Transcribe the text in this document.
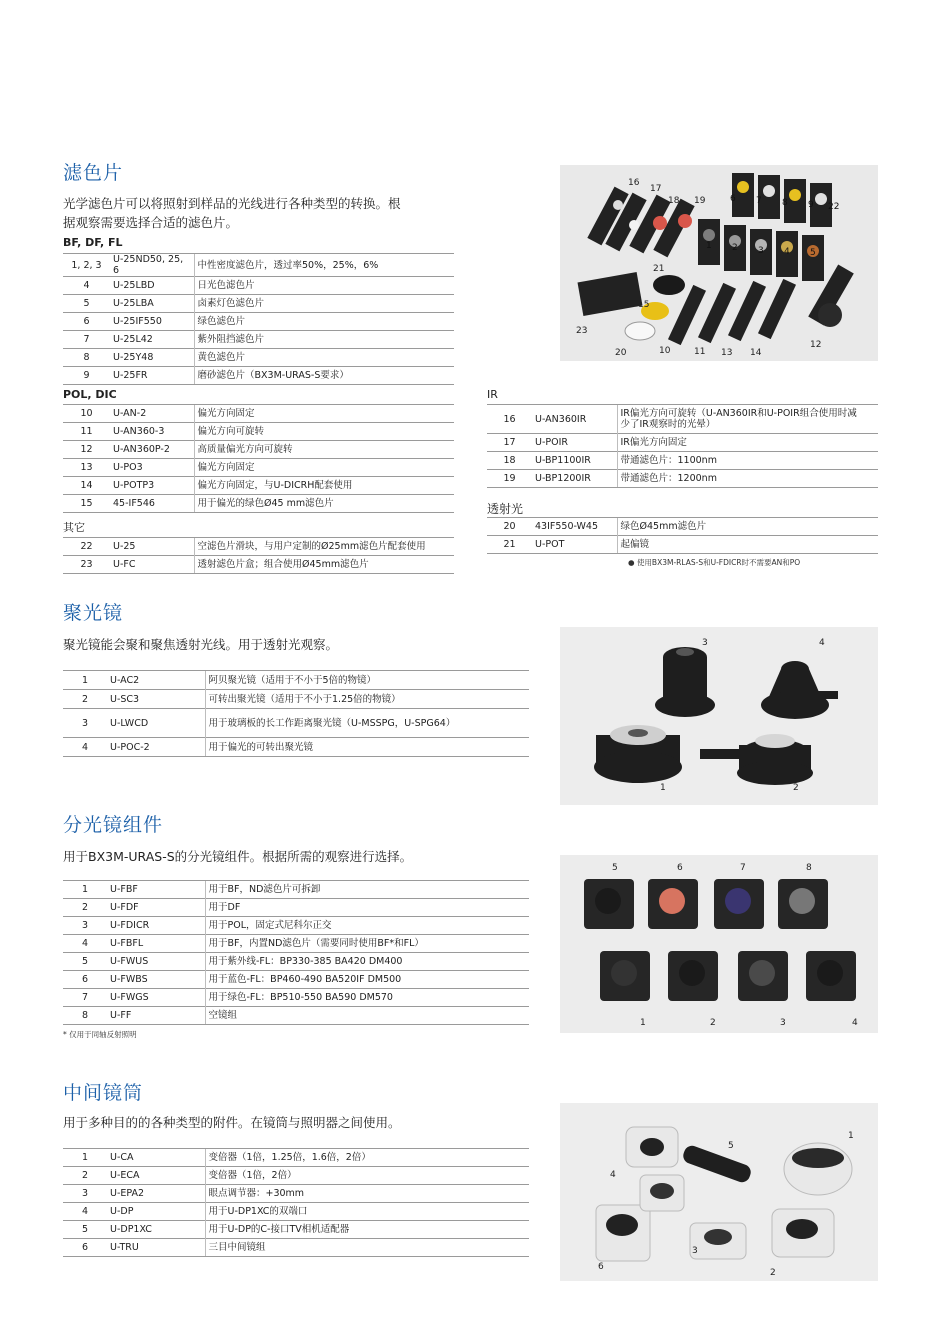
滤色片
光学滤色片可以将照射到样品的光线进行各种类型的转换。根
据观察需要选择合适的滤色片。
BF, DF, FL
1, 2, 3	U-25ND50, 25, 6	中性密度滤色片，透过率50%，25%，6%
4	U-25LBD	日光色滤色片
5	U-25LBA	卤素灯色滤色片
6	U-25IF550	绿色滤色片
7	U-25L42	紫外阻挡滤色片
8	U-25Y48	黄色滤色片
9	U-25FR	磨砂滤色片（BX3M-URAS-S要求）
POL, DIC
10	U-AN-2	偏光方向固定
11	U-AN360-3	偏光方向可旋转
12	U-AN360P-2	高质量偏光方向可旋转
13	U-PO3	偏光方向固定
14	U-POTP3	偏光方向固定，与U-DICRH配套使用
15	45-IF546	用于偏光的绿色Ø45 mm滤色片
其它
22	U-25	空滤色片滑块，与用户定制的Ø25mm滤色片配套使用
23	U-FC	透射滤色片盒；组合使用Ø45mm滤色片
IR
16	U-AN360IR	IR偏光方向可旋转（U-AN360IR和U-POIR组合使用时减
少了IR观察时的光晕）

17	U-POIR	IR偏光方向固定
18	U-BP1100IR	带通滤色片：1100nm
19	U-BP1200IR	带通滤色片：1200nm
透射光
20	43IF550-W45	绿色Ø45mm滤色片
21	U-POT	起偏镜
● 使用BX3M-RLAS-S和U-FDICR时不需要AN和PO
16
17
18 19	6 7 8 9 22
1 2 3 4 5
21
15
23
20	10	11 13 14
12
聚光镜
聚光镜能会聚和聚焦透射光线。用于透射光观察。
1	U-AC2	阿贝聚光镜（适用于不小于5倍的物镜）
2	U-SC3	可转出聚光镜（适用于不小于1.25倍的物镜）
3	U-LWCD	用于玻璃板的长工作距离聚光镜（U-MSSPG，U-SPG64）
4	U-POC-2	用于偏光的可转出聚光镜
3	4
1	2
分光镜组件
用于BX3M-URAS-S的分光镜组件。根据所需的观察进行选择。
1	U-FBF	用于BF，ND滤色片可拆卸
2	U-FDF	用于DF
3	U-FDICR	用于POL，固定式尼科尔正交
4	U-FBFL	用于BF，内置ND滤色片（需要同时使用BF*和FL）
5	U-FWUS	用于紫外线-FL：BP330-385 BA420 DM400
6	U-FWBS	用于蓝色-FL：BP460-490 BA520IF DM500
7	U-FWGS	用于绿色-FL：BP510-550 BA590 DM570
8	U-FF	空镜组
* 仅用于同轴反射照明
5	6	7	8
1	2	3	4
中间镜筒
用于多种目的的各种类型的附件。在镜筒与照明器之间使用。
1	U-CA	变倍器（1倍，1.25倍，1.6倍，2倍）
2	U-ECA	变倍器（1倍，2倍）
3	U-EPA2	眼点调节器：+30mm
4	U-DP	用于U-DP1XC的双端口
5	U-DP1XC	用于U-DP的C-接口TV相机适配器
6	U-TRU	三目中间镜组
1
5
4
3
6
2
